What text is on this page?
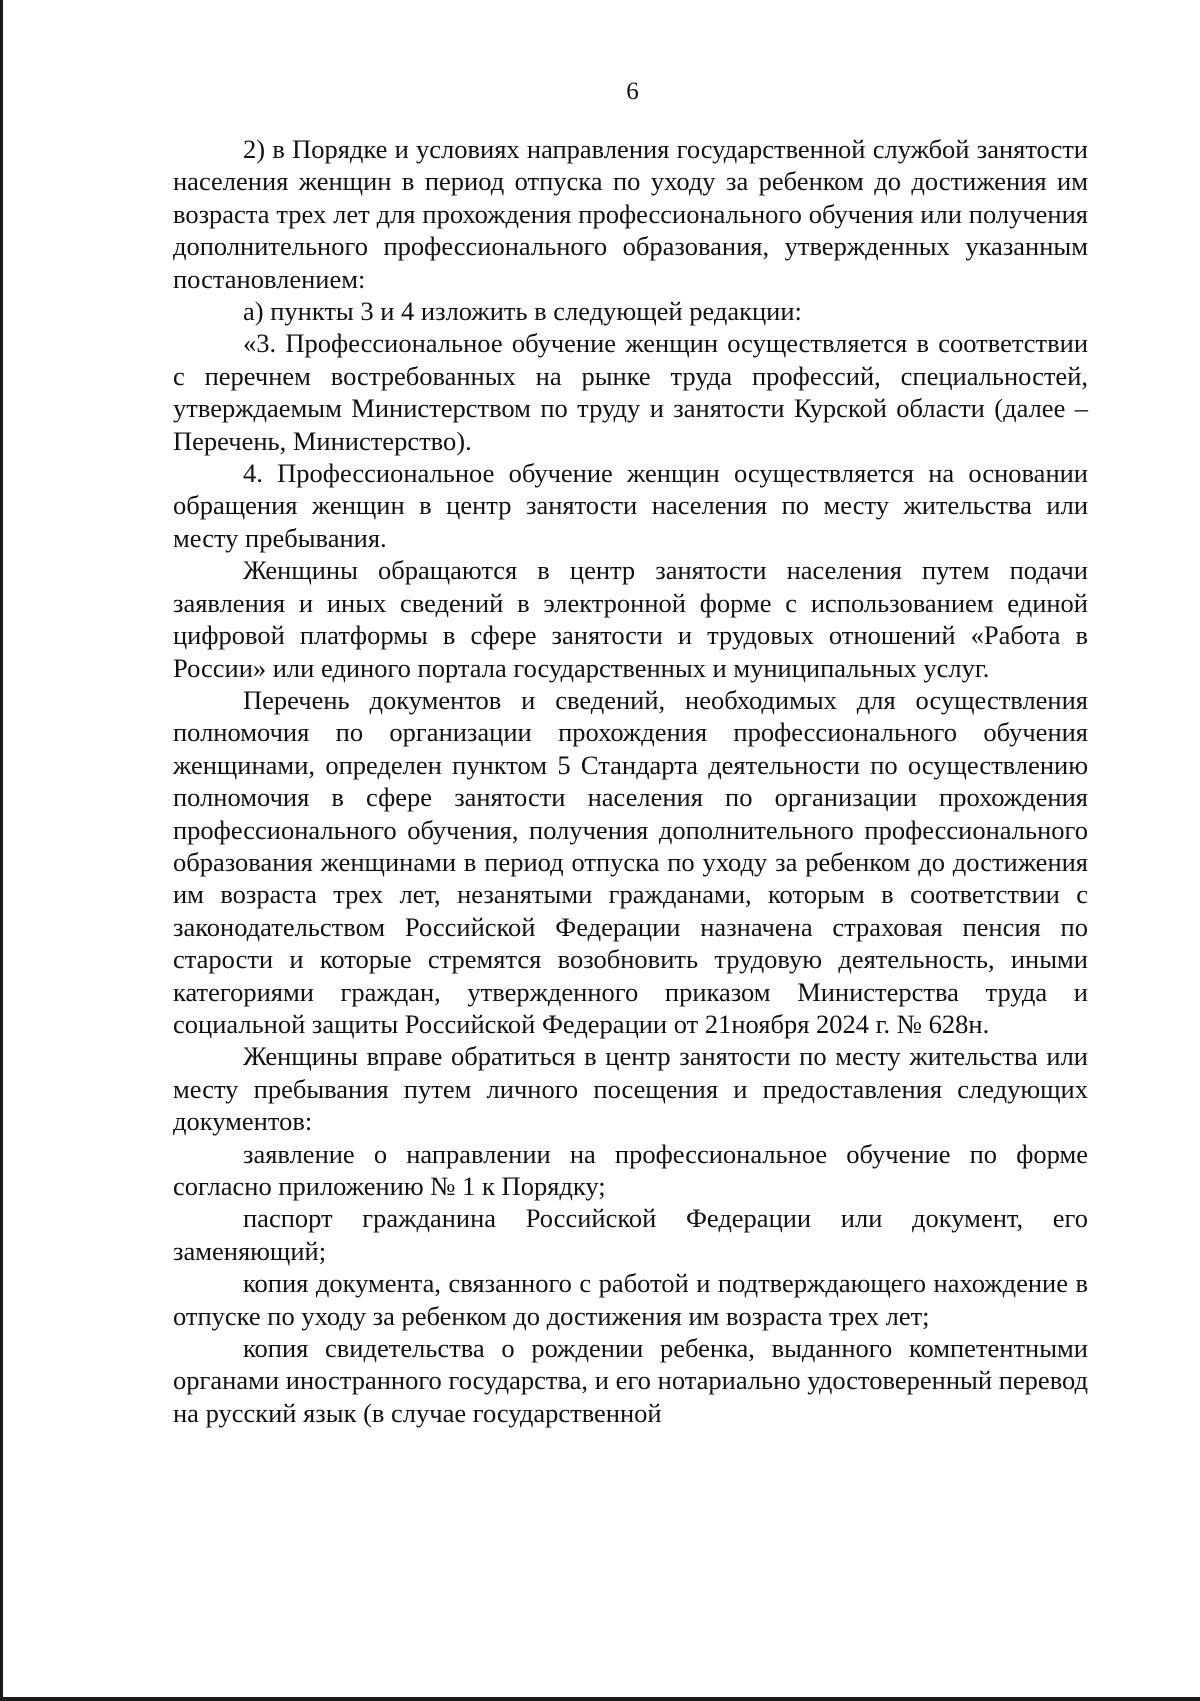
6

2) в Порядке и условиях направления государственной службой занятости населения женщин в период отпуска по уходу за ребенком до достижения им возраста трех лет для прохождения профессионального обучения или получения дополнительного профессионального образования, утвержденных указанным постановлением:

а) пункты 3 и 4 изложить в следующей редакции:

«3. Профессиональное обучение женщин осуществляется в соответствии с перечнем востребованных на рынке труда профессий, специальностей, утверждаемым Министерством по труду и занятости Курской области (далее – Перечень, Министерство).

4. Профессиональное обучение женщин осуществляется на основании обращения женщин в центр занятости населения по месту жительства или месту пребывания.

Женщины обращаются в центр занятости населения путем подачи заявления и иных сведений в электронной форме с использованием единой цифровой платформы в сфере занятости и трудовых отношений «Работа в России» или единого портала государственных и муниципальных услуг.

Перечень документов и сведений, необходимых для осуществления полномочия по организации прохождения профессионального обучения женщинами, определен пунктом 5 Стандарта деятельности по осуществлению полномочия в сфере занятости населения по организации прохождения профессионального обучения, получения дополнительного профессионального образования женщинами в период отпуска по уходу за ребенком до достижения им возраста трех лет, незанятыми гражданами, которым в соответствии с законодательством Российской Федерации назначена страховая пенсия по старости и которые стремятся возобновить трудовую деятельность, иными категориями граждан, утвержденного приказом Министерства труда и социальной защиты Российской Федерации от 21ноября 2024 г. № 628н.

Женщины вправе обратиться в центр занятости по месту жительства или месту пребывания путем личного посещения и предоставления следующих документов:

заявление о направлении на профессиональное обучение по форме согласно приложению № 1 к Порядку;

паспорт гражданина Российской Федерации или документ, его заменяющий;

копия документа, связанного с работой и подтверждающего нахождение в отпуске по уходу за ребенком до достижения им возраста трех лет;

копия свидетельства о рождении ребенка, выданного компетентными органами иностранного государства, и его нотариально удостоверенный перевод на русский язык (в случае государственной
